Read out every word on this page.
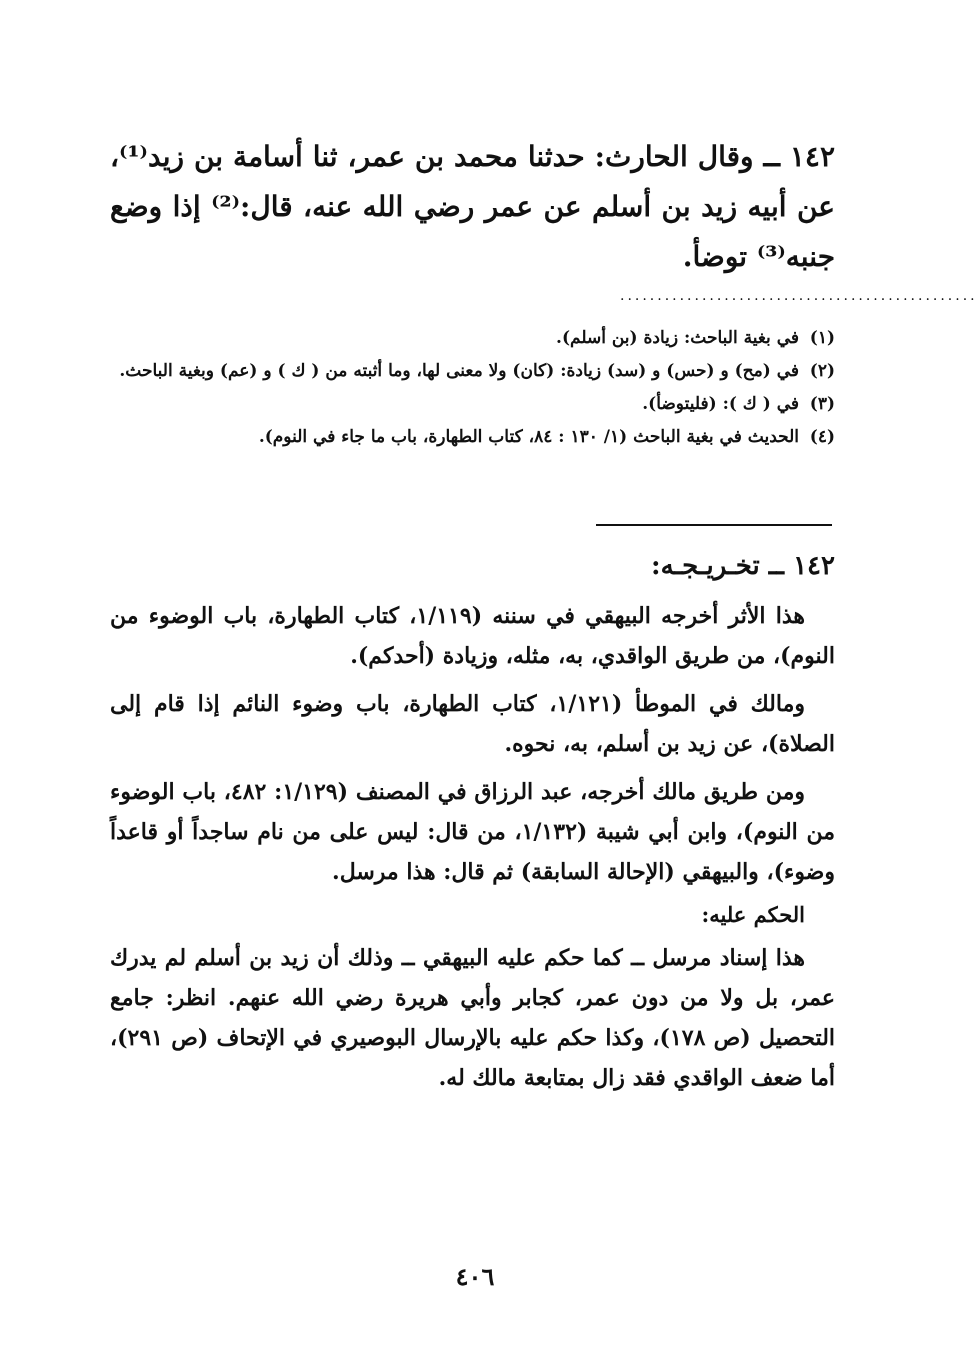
١٤٢ ــ وقال الحارث: حدثنا محمد بن عمر، ثنا أسامة بن زيد⁽¹⁾، عن أبيه زيد بن أسلم عن عمر رضي الله عنه، قال:⁽²⁾ إذا وضع جنبه⁽³⁾ توضأ.
................................................
(١)
في بغية الباحث: زيادة (بن أسلم).
(٢)
في (مح) و (حس) و (سد) زيادة: (كان) ولا معنى لها، وما أثبته من ( ك ) و (عم) وبغية الباحث.
(٣)
في ( ك ): (فليتوضأ).
(٤)
الحديث في بغية الباحث (١/ ١٣٠ : ٨٤، كتاب الطهارة، باب ما جاء في النوم).
١٤٢ ــ تخـريـجـه:

هذا الأثر أخرجه البيهقي في سننه (١/١١٩، كتاب الطهارة، باب الوضوء من النوم)، من طريق الواقدي، به، مثله، وزيادة (أحدكم).

ومالك في الموطأ (١/١٢١، كتاب الطهارة، باب وضوء النائم إذا قام إلى الصلاة)، عن زيد بن أسلم، به، نحوه.

ومن طريق مالك أخرجه، عبد الرزاق في المصنف (١/١٢٩: ٤٨٢، باب الوضوء من النوم)، وابن أبي شيبة (١/١٣٢، من قال: ليس على من نام ساجداً أو قاعداً وضوء)، والبيهقي (الإحالة السابقة) ثم قال: هذا مرسل.

الحكم عليه:

هذا إسناد مرسل ــ كما حكم عليه البيهقي ــ وذلك أن زيد بن أسلم لم يدرك عمر، بل ولا من دون عمر، كجابر وأبي هريرة رضي الله عنهم. انظر: جامع التحصيل (ص ١٧٨)، وكذا حكم عليه بالإرسال البوصيري في الإتحاف (ص ٢٩١)، أما ضعف الواقدي فقد زال بمتابعة مالك له.

٤٠٦
